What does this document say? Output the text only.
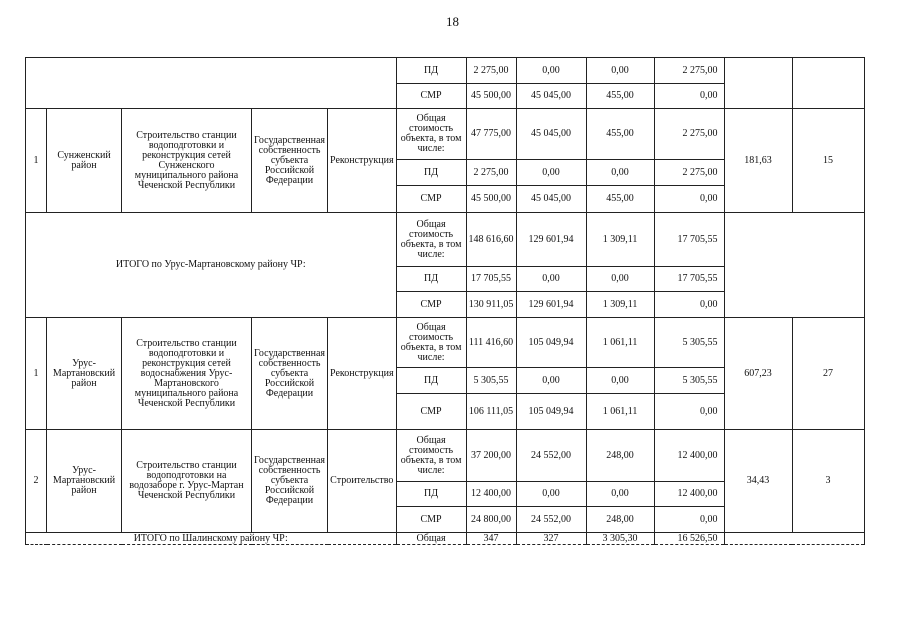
18
					ПД	2 275,00	0,00	0,00	2 275,00		
					СМР	45 500,00	45 045,00	455,00	0,00		
1	Сунженский район	Строительство станции водоподготовки и реконструкция сетей Сунженского муниципального района Чеченской Республики	Государственная собственность субъекта Российской Федерации	Реконструкция	Общая стоимость объекта, в том числе:	47 775,00	45 045,00	455,00	2 275,00	181,63	15
					ПД	2 275,00	0,00	0,00	2 275,00		
					СМР	45 500,00	45 045,00	455,00	0,00		
ИТОГО по Урус-Мартановскому району ЧР:					Общая стоимость объекта, в том числе:	148 616,60	129 601,94	1 309,11	17 705,55		
					ПД	17 705,55	0,00	0,00	17 705,55		
					СМР	130 911,05	129 601,94	1 309,11	0,00		
1	Урус-Мартановский район	Строительство станции водоподготовки и реконструкция сетей водоснабжения Урус-Мартановского муниципального района Чеченской Республики	Государственная собственность субъекта Российской Федерации	Реконструкция	Общая стоимость объекта, в том числе:	111 416,60	105 049,94	1 061,11	5 305,55	607,23	27
					ПД	5 305,55	0,00	0,00	5 305,55		
					СМР	106 111,05	105 049,94	1 061,11	0,00		
2	Урус-Мартановский район	Строительство станции водоподготовки на водозаборе г. Урус-Мартан Чеченской Республики	Государственная собственность субъекта Российской Федерации	Строительство	Общая стоимость объекта, в том числе:	37 200,00	24 552,00	248,00	12 400,00	34,43	3
					ПД	12 400,00	0,00	0,00	12 400,00		
					СМР	24 800,00	24 552,00	248,00	0,00		
ИТОГО по Шалинскому району ЧР:					Общая	347	327	3 305,30	16 526,50		
